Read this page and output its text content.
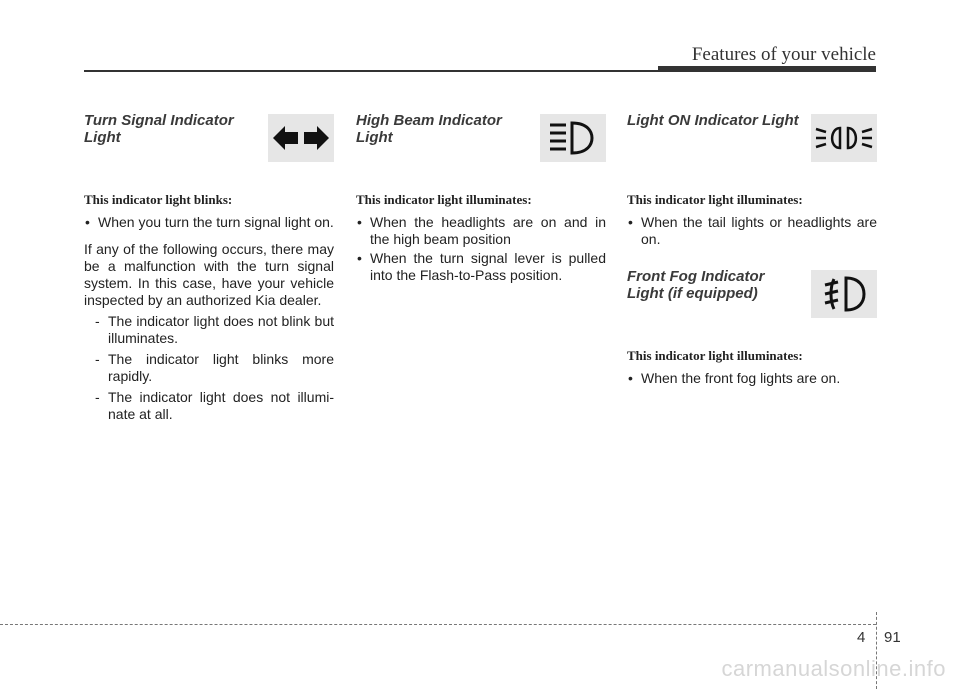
Features of your vehicle
Turn Signal Indicator
Light
This indicator light blinks:
• When you turn the turn signal light on.
If any of the following occurs, there may be a malfunction with the turn signal system. In this case, have your vehicle inspected by an authorized Kia dealer.
- The indicator light does not blink but illuminates.
- The indicator light blinks more rapidly.
- The indicator light does not illumi- nate at all.
High Beam Indicator
Light
This indicator light illuminates:
• When the headlights are on and in the high beam position
• When the turn signal lever is pulled into the Flash-to-Pass position.
Light ON Indicator Light
This indicator light illuminates:
• When the tail lights or headlights are on.
Front Fog Indicator
Light (if equipped)
This indicator light illuminates:
• When the front fog lights are on.
4 91
carmanualsonline.info
